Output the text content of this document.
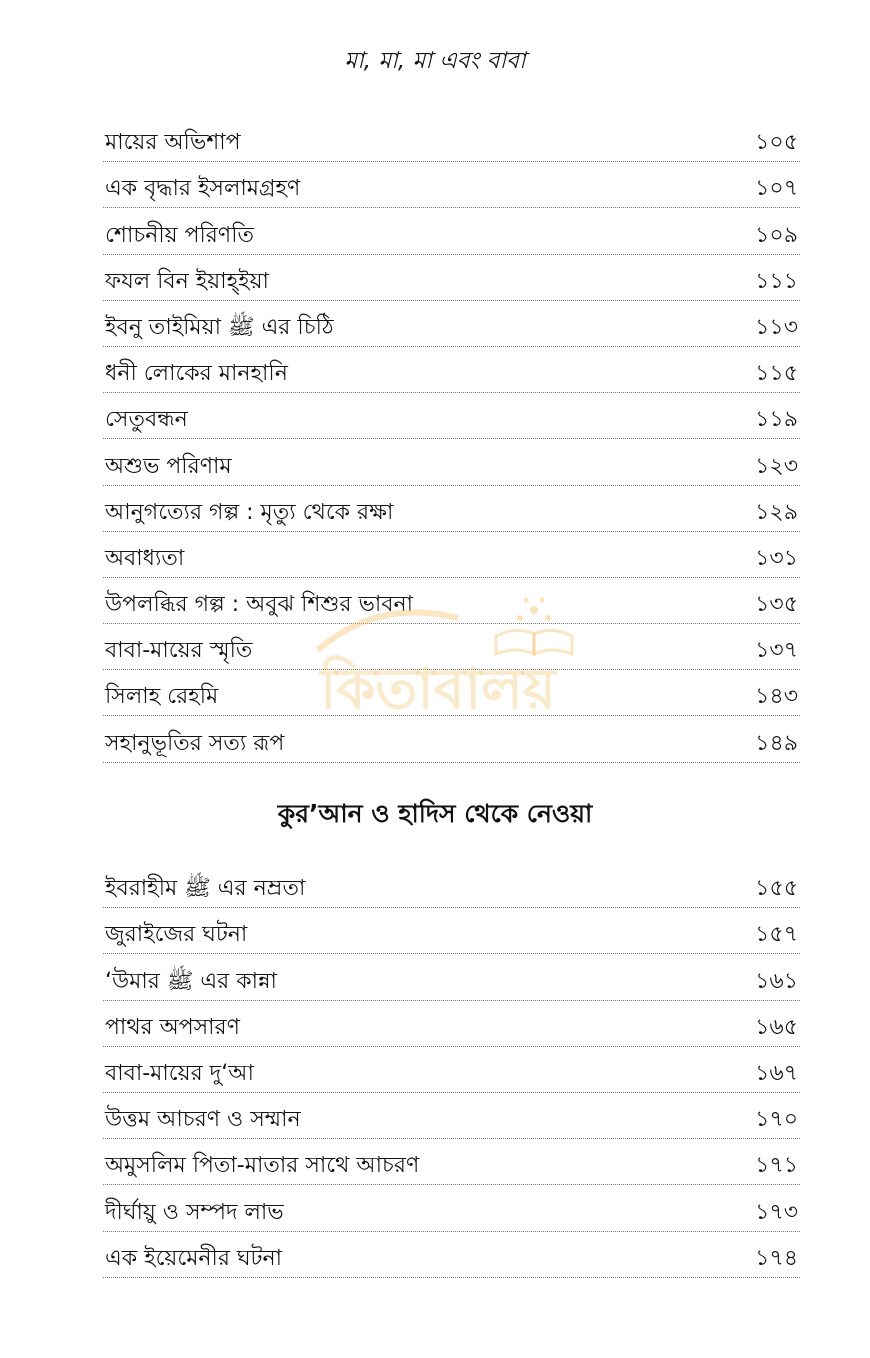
মা, মা, মা এবং বাবা
মায়ের অভিশাপ	১০৫
এক বৃদ্ধার ইসলামগ্রহণ	১০৭
শোচনীয় পরিণতি	১০৯
ফযল বিন ইয়াহ্ইয়া	১১১
ইবনু তাইমিয়া ﷺ এর চিঠি	১১৩
ধনী লোকের মানহানি	১১৫
সেতুবন্ধন	১১৯
অশুভ পরিণাম	১২৩
আনুগত্যের গল্প : মৃত্যু থেকে রক্ষা	১২৯
অবাধ্যতা	১৩১
উপলব্ধির গল্প : অবুঝ শিশুর ভাবনা	১৩৫
বাবা-মায়ের স্মৃতি	১৩৭
সিলাহ রেহমি	১৪৩
সহানুভূতির সত্য রূপ	১৪৯
কুর’আন ও হাদিস থেকে নেওয়া
ইবরাহীম ﷺ এর নম্রতা	১৫৫
জুরাইজের ঘটনা	১৫৭
‘উমার ﷺ এর কান্না	১৬১
পাথর অপসারণ	১৬৫
বাবা-মায়ের দু‘আ	১৬৭
উত্তম আচরণ ও সম্মান	১৭০
অমুসলিম পিতা-মাতার সাথে আচরণ	১৭১
দীর্ঘায়ু ও সম্পদ লাভ	১৭৩
এক ইয়েমেনীর ঘটনা	১৭৪
কিতাবালয়
